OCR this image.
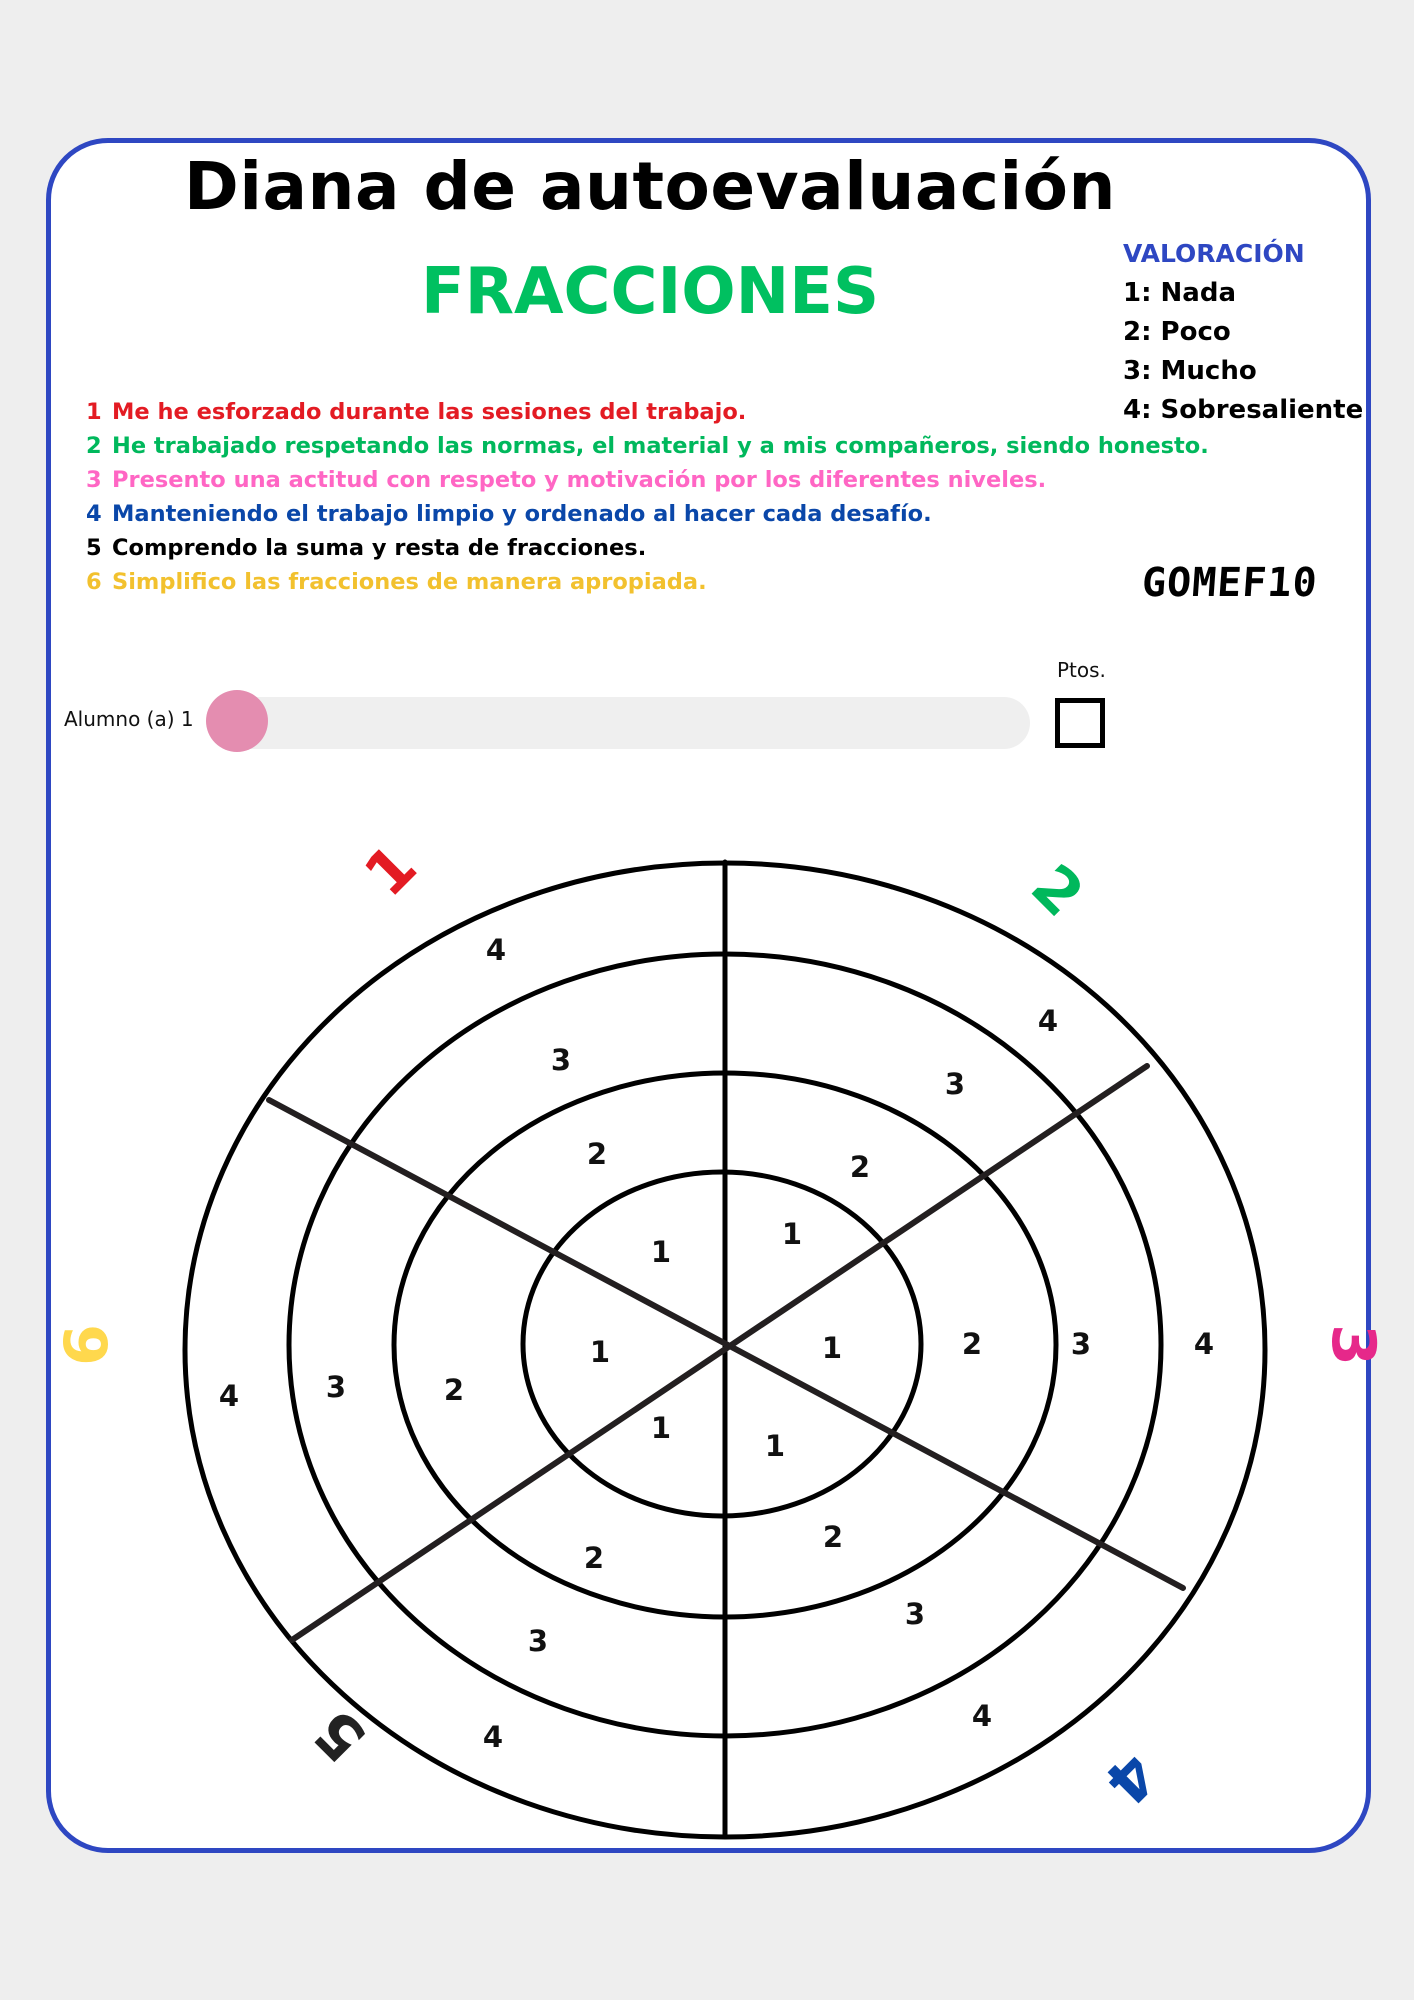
Diana de autoevaluación
FRACCIONES
VALORACIÓN
1: Nada
2: Poco
3: Mucho
4: Sobresaliente
1 Me he esforzado durante las sesiones del trabajo.
2 He trabajado respetando las normas, el material y a mis compañeros, siendo honesto.
3 Presento una actitud con respeto y motivación por los diferentes niveles.
4 Manteniendo el trabajo limpio y ordenado al hacer cada desafío.
5 Comprendo la suma y resta de fracciones.
6 Simplifico las fracciones de manera apropiada.	GOMEF10
Alumno (a) 1
Ptos.
4
3
2
1
4
3
2
1
1	2	3	4
1
2
3
4
1
2
3
4
1
2
3
4
1	2
3
4
5
6
